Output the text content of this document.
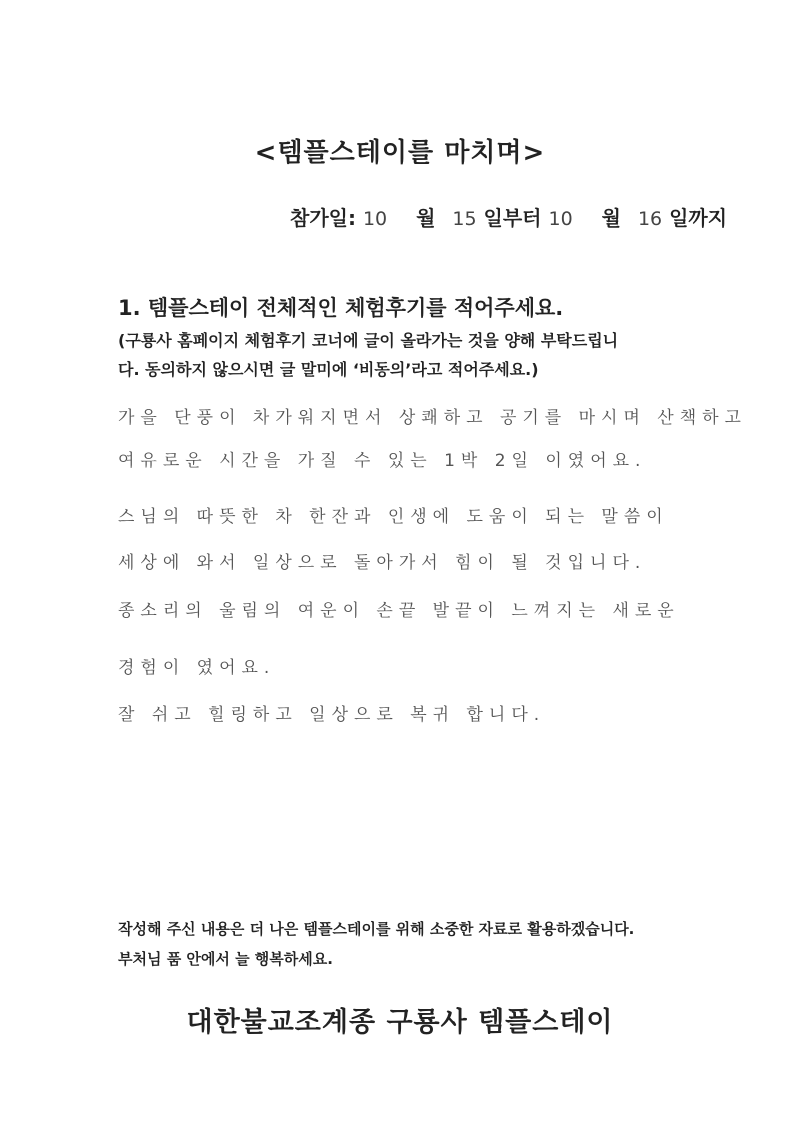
<템플스테이를 마치며>
참가일: 10 월 15 일부터 10 월 16 일까지
1. 템플스테이 전체적인 체험후기를 적어주세요.
(구룡사 홈페이지 체험후기 코너에 글이 올라가는 것을 양해 부탁드립니
다. 동의하지 않으시면 글 말미에 ‘비동의’라고 적어주세요.)
가을 단풍이 차가워지면서 상쾌하고 공기를 마시며 산책하고
여유로운 시간을 가질 수 있는 1박 2일 이였어요.
스님의 따뜻한 차 한잔과 인생에 도움이 되는 말씀이
세상에 와서 일상으로 돌아가서 힘이 될 것입니다.
종소리의 울림의 여운이 손끝 발끝이 느껴지는 새로운
경험이 였어요.
잘 쉬고 힐링하고 일상으로 복귀 합니다.
작성해 주신 내용은 더 나은 템플스테이를 위해 소중한 자료로 활용하겠습니다.
부처님 품 안에서 늘 행복하세요.
대한불교조계종 구룡사 템플스테이
